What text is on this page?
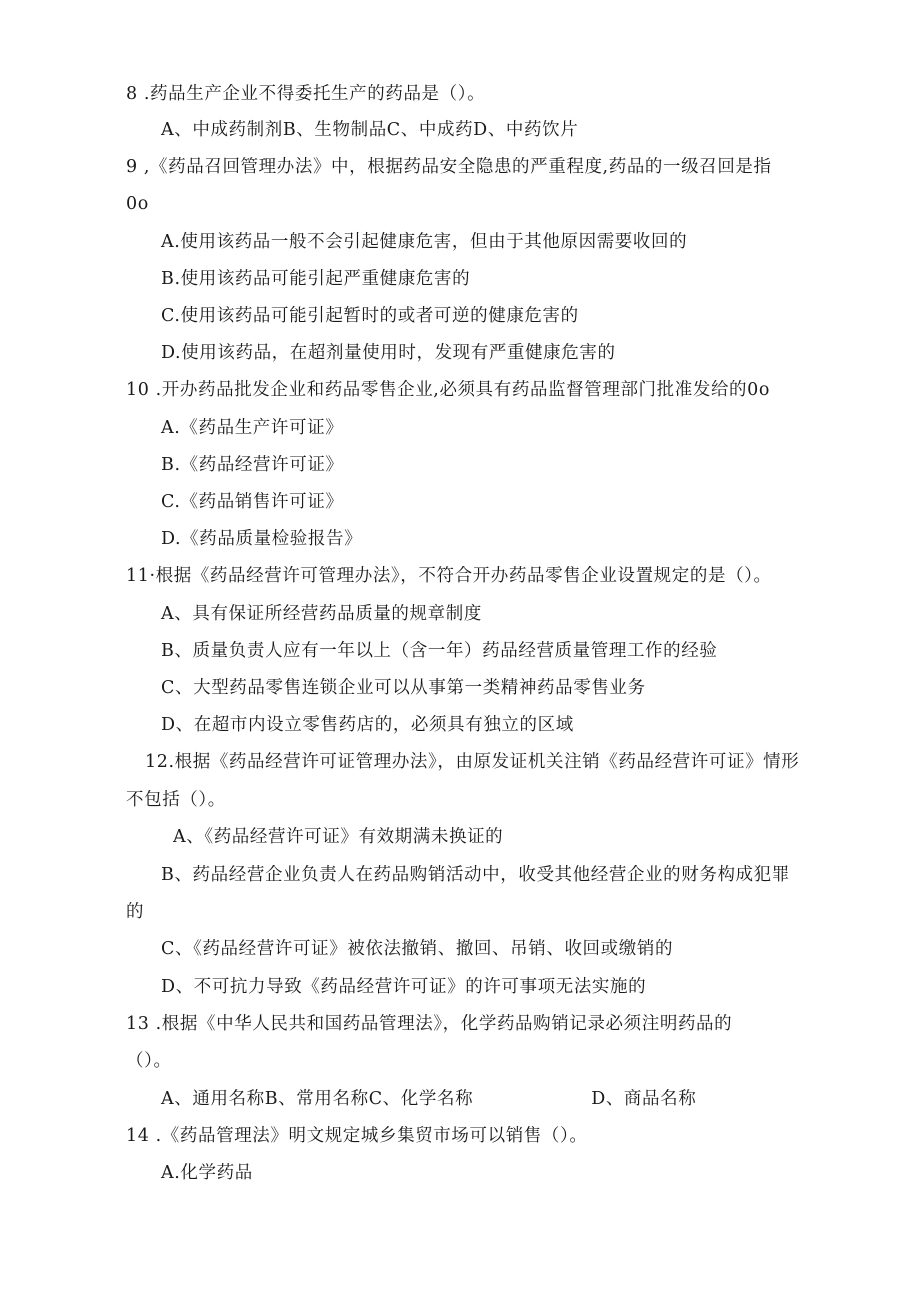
8 .药品生产企业不得委托生产的药品是（）。
A、中成药制剂B、生物制品C、中成药D、中药饮片
9 ,《药品召回管理办法》中，根据药品安全隐患的严重程度,药品的一级召回是指
0o
A.使用该药品一般不会引起健康危害，但由于其他原因需要收回的
B.使用该药品可能引起严重健康危害的
C.使用该药品可能引起暂时的或者可逆的健康危害的
D.使用该药品，在超剂量使用时，发现有严重健康危害的
10 .开办药品批发企业和药品零售企业,必须具有药品监督管理部门批准发给的0o
A.《药品生产许可证》
B.《药品经营许可证》
C.《药品销售许可证》
D.《药品质量检验报告》
11·根据《药品经营许可管理办法》，不符合开办药品零售企业设置规定的是（）。
A、具有保证所经营药品质量的规章制度
B、质量负责人应有一年以上（含一年）药品经营质量管理工作的经验
C、大型药品零售连锁企业可以从事第一类精神药品零售业务
D、在超市内设立零售药店的，必须具有独立的区域
12.根据《药品经营许可证管理办法》，由原发证机关注销《药品经营许可证》情形
不包括（）。
A、《药品经营许可证》有效期满未换证的
B、药品经营企业负责人在药品购销活动中，收受其他经营企业的财务构成犯罪
的
C、《药品经营许可证》被依法撤销、撤回、吊销、收回或缴销的
D、不可抗力导致《药品经营许可证》的许可事项无法实施的
13 .根据《中华人民共和国药品管理法》，化学药品购销记录必须注明药品的
（）。
A、通用名称B、常用名称C、化学名称	D、商品名称
14 .《药品管理法》明文规定城乡集贸市场可以销售（）。
A.化学药品
